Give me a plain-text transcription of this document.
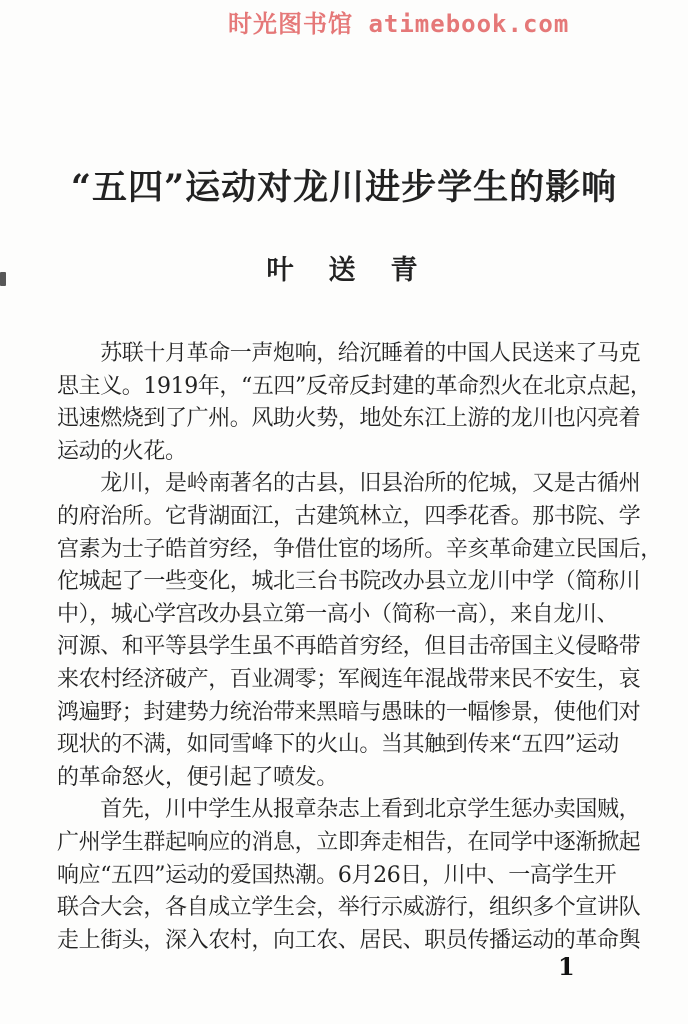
时光图书馆 atimebook.com
“五四”运动对龙川进步学生的影响
叶　送　青
　　苏联十月革命一声炮响，给沉睡着的中国人民送来了马克
思主义。1919年，“五四”反帝反封建的革命烈火在北京点起，
迅速燃烧到了广州。风助火势，地处东江上游的龙川也闪亮着
运动的火花。
　　龙川，是岭南著名的古县，旧县治所的佗城，又是古循州
的府治所。它背湖面江，古建筑林立，四季花香。那书院、学
宫素为士子皓首穷经，争借仕宦的场所。辛亥革命建立民国后，
佗城起了一些变化，城北三台书院改办县立龙川中学（简称川
中），城心学宫改办县立第一高小（简称一高），来自龙川、
河源、和平等县学生虽不再皓首穷经，但目击帝国主义侵略带
来农村经济破产，百业凋零；军阀连年混战带来民不安生，哀
鸿遍野；封建势力统治带来黑暗与愚昧的一幅惨景，使他们对
现状的不满，如同雪峰下的火山。当其触到传来“五四”运动
的革命怒火，便引起了喷发。
　　首先，川中学生从报章杂志上看到北京学生惩办卖国贼，
广州学生群起响应的消息，立即奔走相告，在同学中逐渐掀起
响应“五四”运动的爱国热潮。6月26日，川中、一高学生开
联合大会，各自成立学生会，举行示威游行，组织多个宣讲队
走上街头，深入农村，向工农、居民、职员传播运动的革命舆
1
